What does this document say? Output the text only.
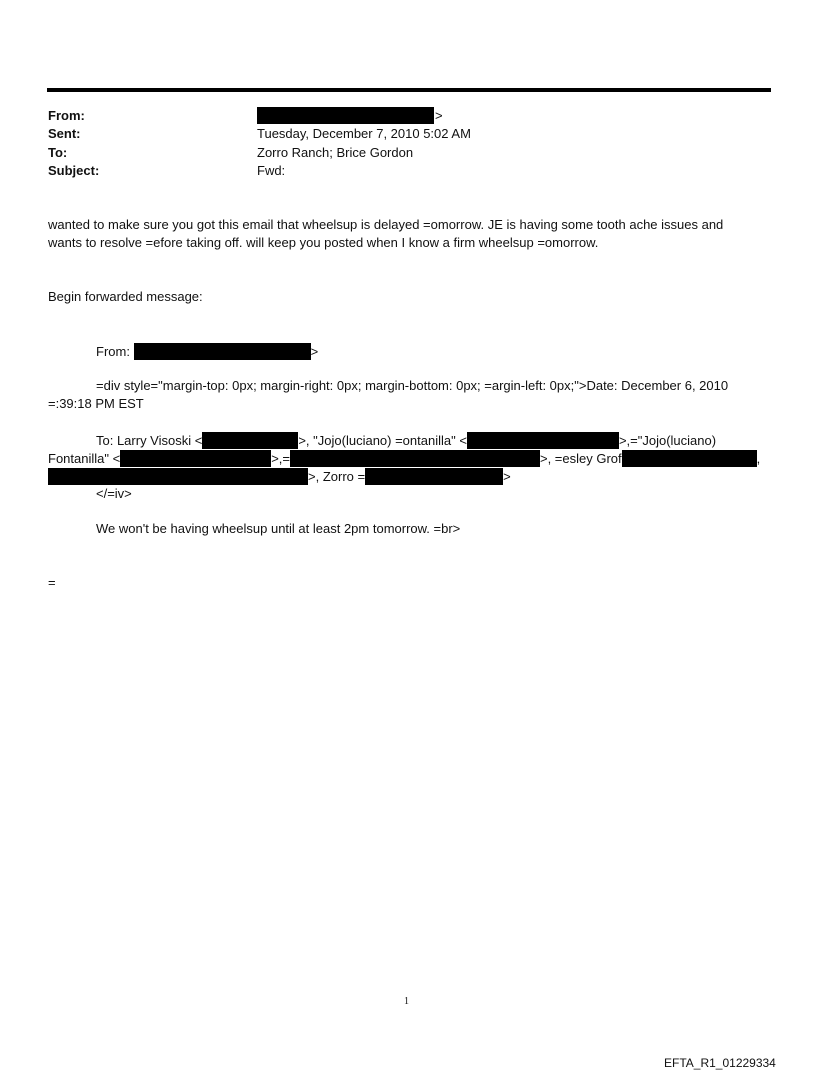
From:	>
Sent:	Tuesday, December 7, 2010 5:02 AM
To:	Zorro Ranch; Brice Gordon
Subject:	Fwd:
wanted to make sure you got this email that wheelsup is delayed =omorrow. JE is having some tooth ache issues and
wants to resolve =efore taking off. will keep you posted when I know a firm wheelsup =omorrow.
Begin forwarded message:
From:	>
=div style="margin-top: 0px; margin-right: 0px; margin-bottom: 0px; =argin-left: 0px;">Date: December 6, 2010
=:39:18 PM EST
To: Larry Visoski <	>, "Jojo(luciano) =ontanilla" <	>,="Jojo(luciano)
Fontanilla" <	>,=	>, =esley Grof	,
>, Zorro =	>
</=iv>
We won't be having wheelsup until at least 2pm tomorrow. =br>
=
1
EFTA_R1_01229334
